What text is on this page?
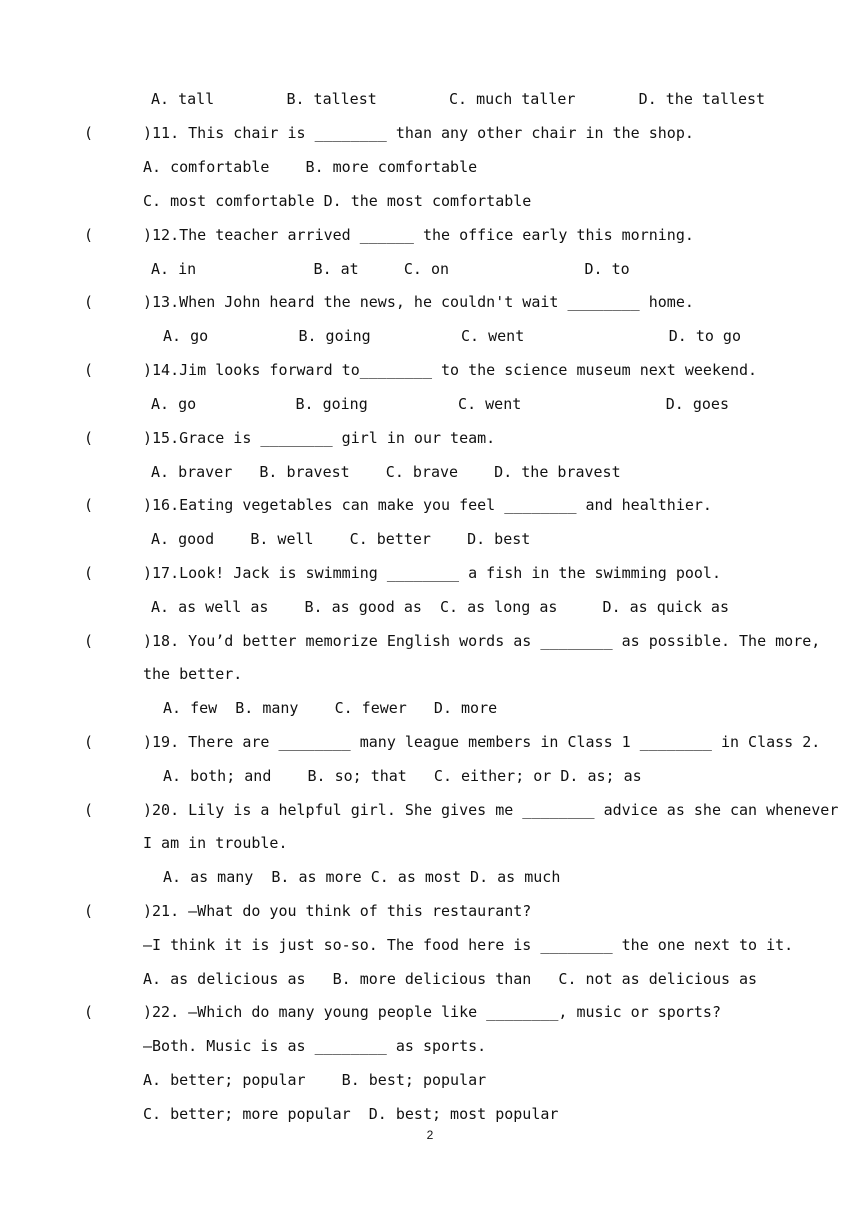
A. tall        B. tallest        C. much taller       D. the tallest
(	)11. This chair is ________ than any other chair in the shop.
A. comfortable    B. more comfortable
C. most comfortable D. the most comfortable
(	)12.The teacher arrived ______ the office early this morning.
A. in             B. at     C. on               D. to
(	)13.When John heard the news, he couldn't wait ________ home.
A. go          B. going          C. went                D. to go
(	)14.Jim looks forward to________ to the science museum next weekend.
A. go           B. going          C. went                D. goes
(	)15.Grace is ________ girl in our team.
A. braver   B. bravest    C. brave    D. the bravest
(	)16.Eating vegetables can make you feel ________ and healthier.
A. good    B. well    C. better    D. best
(	)17.Look! Jack is swimming ________ a fish in the swimming pool.
A. as well as    B. as good as  C. as long as     D. as quick as
(	)18. You’d better memorize English words as ________ as possible. The more,
the better.
A. few  B. many    C. fewer   D. more
(	)19. There are ________ many league members in Class 1 ________ in Class 2.
A. both; and    B. so; that   C. either; or D. as; as
(	)20. Lily is a helpful girl. She gives me ________ advice as she can whenever
I am in trouble.
A. as many  B. as more C. as most D. as much
(	)21. —What do you think of this restaurant?
—I think it is just so-so. The food here is ________ the one next to it.
A. as delicious as   B. more delicious than   C. not as delicious as
(	)22. —Which do many young people like ________, music or sports?
—Both. Music is as ________ as sports.
A. better; popular    B. best; popular
C. better; more popular  D. best; most popular
2
